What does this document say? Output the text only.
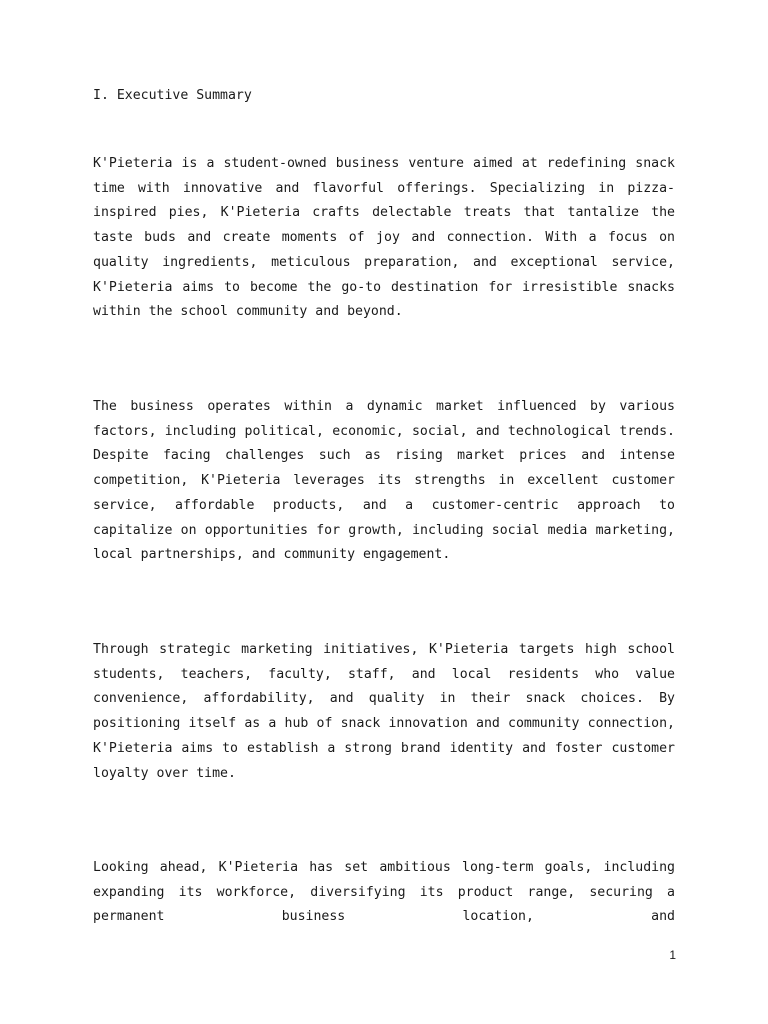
I. Executive Summary

K'Pieteria is a student-owned business venture aimed at redefining snack time with innovative and flavorful offerings. Specializing in pizza-inspired pies, K'Pieteria crafts delectable treats that tantalize the taste buds and create moments of joy and connection. With a focus on quality ingredients, meticulous preparation, and exceptional service, K'Pieteria aims to become the go-to destination for irresistible snacks within the school community and beyond.

The business operates within a dynamic market influenced by various factors, including political, economic, social, and technological trends. Despite facing challenges such as rising market prices and intense competition, K'Pieteria leverages its strengths in excellent customer service, affordable products, and a customer-centric approach to capitalize on opportunities for growth, including social media marketing, local partnerships, and community engagement.

Through strategic marketing initiatives, K'Pieteria targets high school students, teachers, faculty, staff, and local residents who value convenience, affordability, and quality in their snack choices. By positioning itself as a hub of snack innovation and community connection, K'Pieteria aims to establish a strong brand identity and foster customer loyalty over time.

Looking ahead, K'Pieteria has set ambitious long-term goals, including expanding its workforce, diversifying its product range, securing a permanent business location, and

1
